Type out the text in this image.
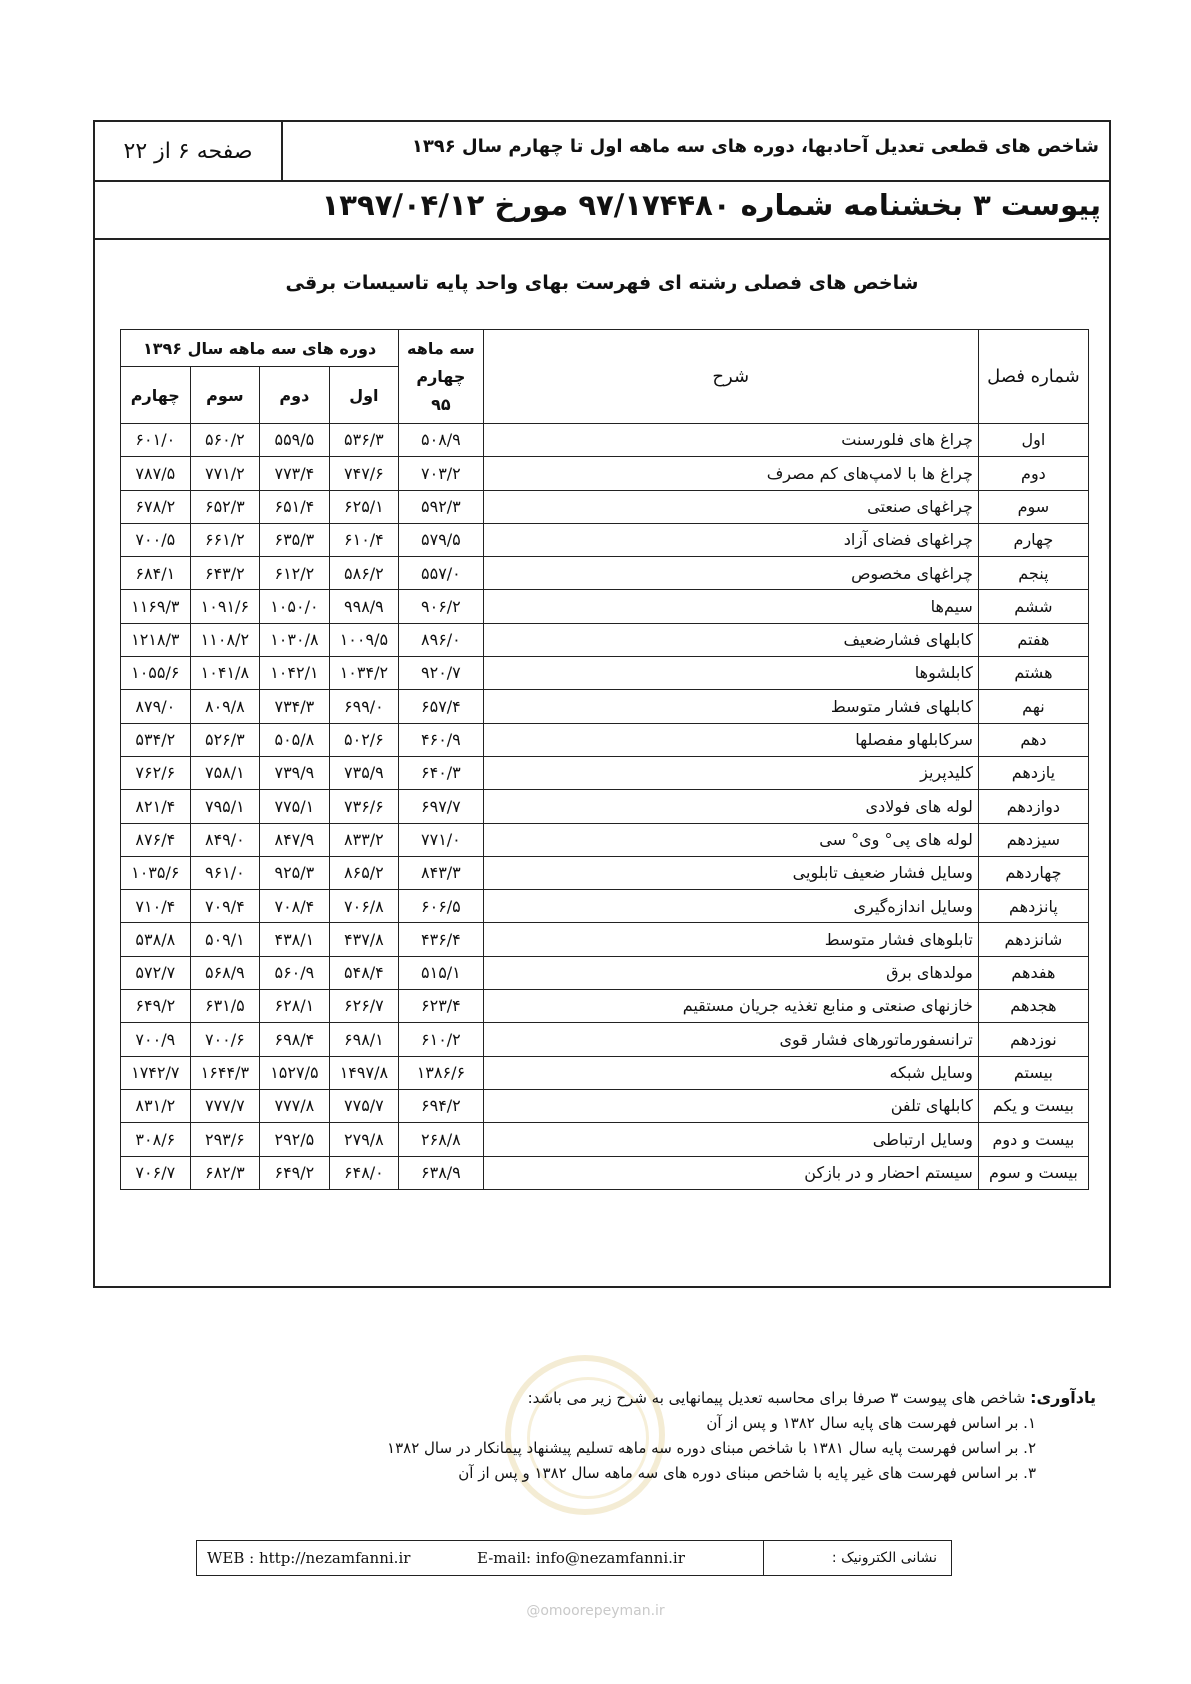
شاخص های قطعی تعدیل آحادبها، دوره های سه ماهه اول تا چهارم سال ۱۳۹۶
صفحه ۶ از ۲۲
پیوست ۳ بخشنامه شماره ۹۷/۱۷۴۴۸۰ مورخ ۱۳۹۷/۰۴/۱۲
شاخص های فصلی رشته ای فهرست بهای واحد پایه تاسیسات برقی
شماره فصل	شرح	سه ماهه چهارم ۹۵	دوره های سه ماهه سال ۱۳۹۶			
			اول	دوم	سوم	چهارم
اول	چراغ های فلورسنت	۵۰۸/۹	۵۳۶/۳	۵۵۹/۵	۵۶۰/۲	۶۰۱/۰
دوم	چراغ ها با لامپ‌های کم مصرف	۷۰۳/۲	۷۴۷/۶	۷۷۳/۴	۷۷۱/۲	۷۸۷/۵
سوم	چراغهای صنعتی	۵۹۲/۳	۶۲۵/۱	۶۵۱/۴	۶۵۲/۳	۶۷۸/۲
چهارم	چراغهای فضای آزاد	۵۷۹/۵	۶۱۰/۴	۶۳۵/۳	۶۶۱/۲	۷۰۰/۵
پنجم	چراغهای مخصوص	۵۵۷/۰	۵۸۶/۲	۶۱۲/۲	۶۴۳/۲	۶۸۴/۱
ششم	سیم‌ها	۹۰۶/۲	۹۹۸/۹	۱۰۵۰/۰	۱۰۹۱/۶	۱۱۶۹/۳
هفتم	کابلهای فشارضعیف	۸۹۶/۰	۱۰۰۹/۵	۱۰۳۰/۸	۱۱۰۸/۲	۱۲۱۸/۳
هشتم	کابلشوها	۹۲۰/۷	۱۰۳۴/۲	۱۰۴۲/۱	۱۰۴۱/۸	۱۰۵۵/۶
نهم	کابلهای فشار متوسط	۶۵۷/۴	۶۹۹/۰	۷۳۴/۳	۸۰۹/۸	۸۷۹/۰
دهم	سرکابلهاو مفصلها	۴۶۰/۹	۵۰۲/۶	۵۰۵/۸	۵۲۶/۳	۵۳۴/۲
یازدهم	کلیدپریز	۶۴۰/۳	۷۳۵/۹	۷۳۹/۹	۷۵۸/۱	۷۶۲/۶
دوازدهم	لوله های فولادی	۶۹۷/۷	۷۳۶/۶	۷۷۵/۱	۷۹۵/۱	۸۲۱/۴
سیزدهم	لوله های پی° وی° سی	۷۷۱/۰	۸۳۳/۲	۸۴۷/۹	۸۴۹/۰	۸۷۶/۴
چهاردهم	وسایل فشار ضعیف تابلویی	۸۴۳/۳	۸۶۵/۲	۹۲۵/۳	۹۶۱/۰	۱۰۳۵/۶
پانزدهم	وسایل اندازه‌گیری	۶۰۶/۵	۷۰۶/۸	۷۰۸/۴	۷۰۹/۴	۷۱۰/۴
شانزدهم	تابلوهای فشار متوسط	۴۳۶/۴	۴۳۷/۸	۴۳۸/۱	۵۰۹/۱	۵۳۸/۸
هفدهم	مولدهای برق	۵۱۵/۱	۵۴۸/۴	۵۶۰/۹	۵۶۸/۹	۵۷۲/۷
هجدهم	خازنهای صنعتی و منابع تغذیه جریان مستقیم	۶۲۳/۴	۶۲۶/۷	۶۲۸/۱	۶۳۱/۵	۶۴۹/۲
نوزدهم	ترانسفورماتورهای فشار قوی	۶۱۰/۲	۶۹۸/۱	۶۹۸/۴	۷۰۰/۶	۷۰۰/۹
بیستم	وسایل شبکه	۱۳۸۶/۶	۱۴۹۷/۸	۱۵۲۷/۵	۱۶۴۴/۳	۱۷۴۲/۷
بیست و یکم	کابلهای تلفن	۶۹۴/۲	۷۷۵/۷	۷۷۷/۸	۷۷۷/۷	۸۳۱/۲
بیست و دوم	وسایل ارتباطی	۲۶۸/۸	۲۷۹/۸	۲۹۲/۵	۲۹۳/۶	۳۰۸/۶
بیست و سوم	سیستم احضار و در بازکن	۶۳۸/۹	۶۴۸/۰	۶۴۹/۲	۶۸۲/۳	۷۰۶/۷
یادآوری: شاخص های پیوست ۳ صرفا برای محاسبه تعدیل پیمانهایی به شرح زیر می باشد:
۱. بر اساس فهرست های پایه سال ۱۳۸۲ و پس از آن
۲. بر اساس فهرست پایه سال ۱۳۸۱ با شاخص مبنای دوره سه ماهه تسلیم پیشنهاد پیمانکار در سال ۱۳۸۲
۳. بر اساس فهرست های غیر پایه با شاخص مبنای دوره های سه ماهه سال ۱۳۸۲ و پس از آن
نشانی الکترونیک :
E-mail: info@nezamfanni.ir
WEB : http://nezamfanni.ir
@omoorepeyman.ir
